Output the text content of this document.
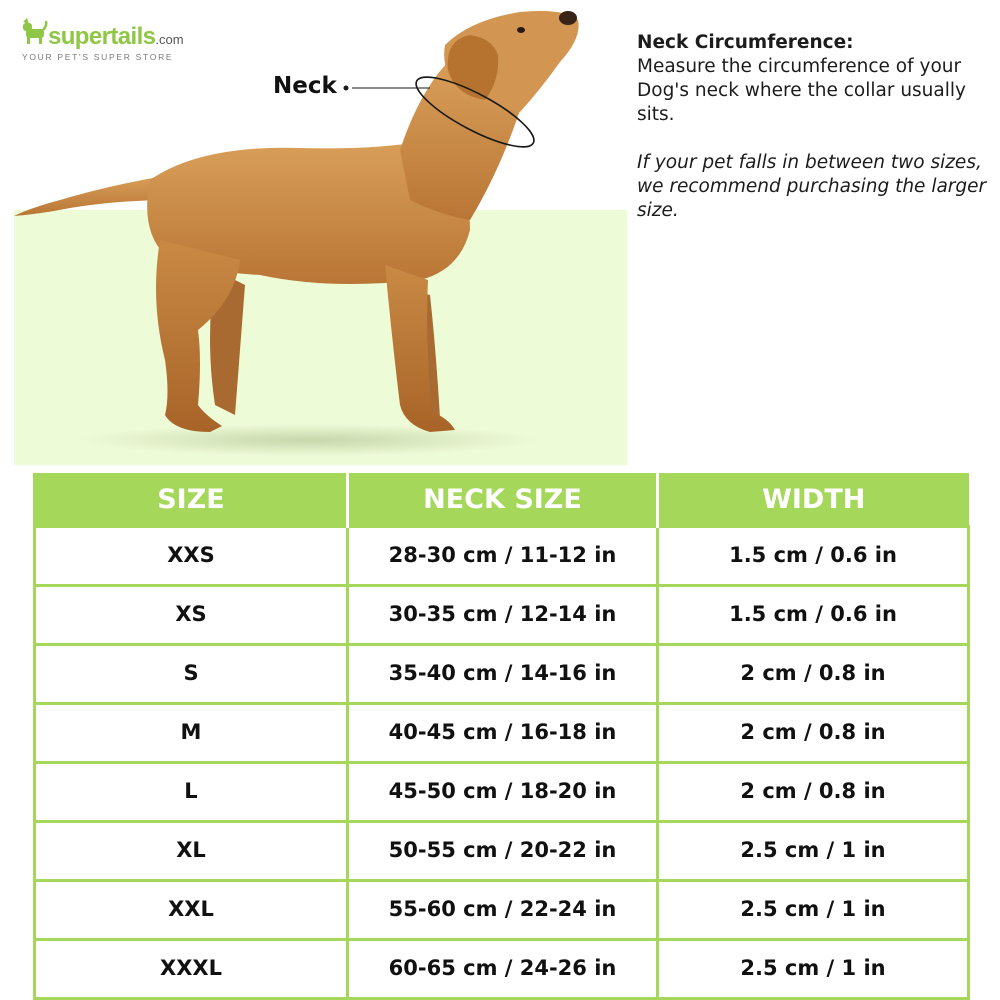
supertails.com
YOUR PET'S SUPER STORE
Neck
Neck Circumference:

Measure the circumference of your Dog's neck where the collar usually sits.

If your pet falls in between two sizes, we recommend purchasing the larger size.

SIZE	NECK SIZE	WIDTH
XXS	28-30 cm / 11-12 in	1.5 cm / 0.6 in
XS	30-35 cm / 12-14 in	1.5 cm / 0.6 in
S	35-40 cm / 14-16 in	2 cm / 0.8 in
M	40-45 cm / 16-18 in	2 cm / 0.8 in
L	45-50 cm / 18-20 in	2 cm / 0.8 in
XL	50-55 cm / 20-22 in	2.5 cm / 1 in
XXL	55-60 cm / 22-24 in	2.5 cm / 1 in
XXXL	60-65 cm / 24-26 in	2.5 cm / 1 in
